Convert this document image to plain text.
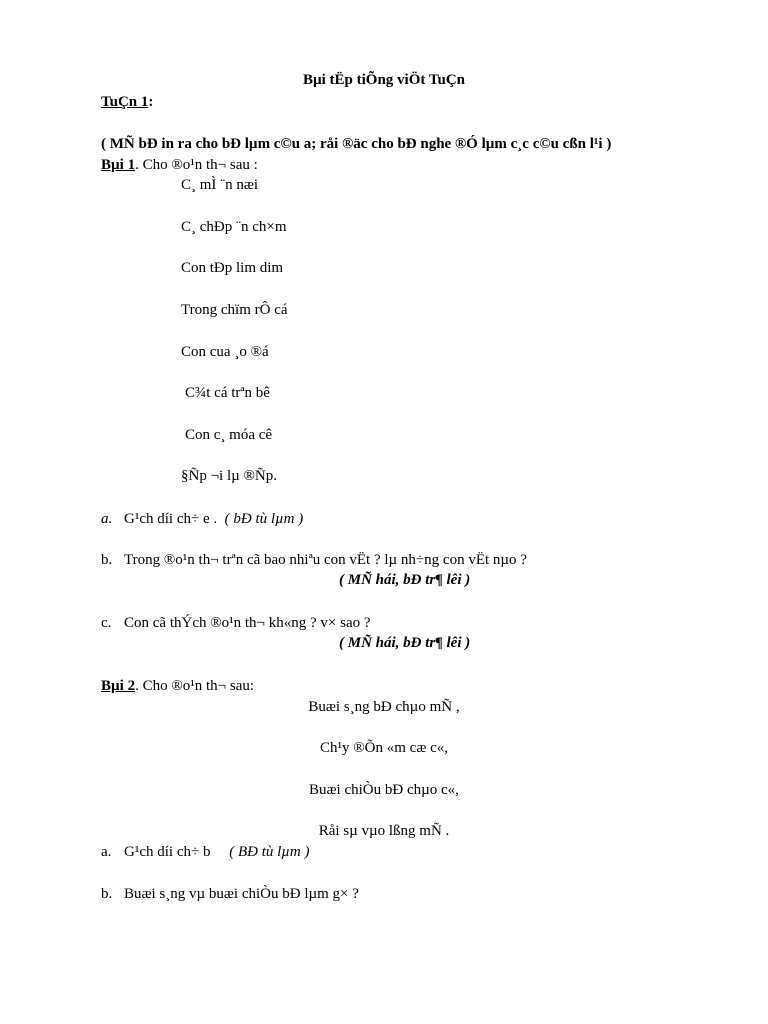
Bµi tËp tiÕng viÖt TuÇn
TuÇn 1:
( MÑ bÐ in ra cho bÐ lµm c©u a; råi ®äc cho bÐ nghe ®Ó lµm c¸c c©u cßn l¹i )
Bµi 1. Cho ®o¹n th¬ sau :
C¸ mÌ ¨n næi
C¸ chÐp ¨n ch×m
Con tÐp lim dim
Trong chïm rÔ cá
Con cua ¸o ®á
C¾t cá trªn bê
Con c¸ móa cê
§Ñp ¬i lµ ®Ñp.
a. G¹ch díi ch÷ e . ( bÐ tù lµm )
b. Trong ®o¹n th¬ trªn cã bao nhiªu con vËt ? lµ nh÷ng con vËt nµo ?
( MÑ hái, bÐ tr¶ lêi )
c. Con cã thÝch ®o¹n th¬ kh«ng ? v× sao ?
( MÑ hái, bÐ tr¶ lêi )
Bµi 2. Cho ®o¹n th¬ sau:
Buæi s¸ng bÐ chµo mÑ ,
Ch¹y ®Õn «m cæ c«,
Buæi chiÒu bÐ chµo c«,
Råi sµ vµo lßng mÑ .
a. G¹ch díi ch÷ b ( BÐ tù lµm )
b. Buæi s¸ng vµ buæi chiÒu bÐ lµm g× ?
